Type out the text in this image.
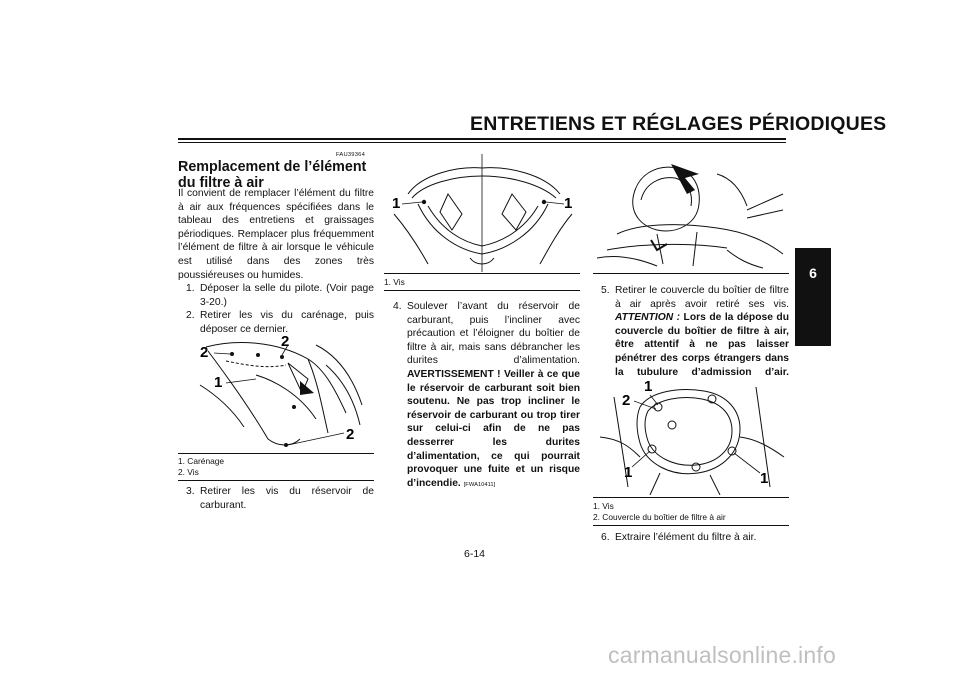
ENTRETIENS ET RÉGLAGES PÉRIODIQUES
6
FAU39364
Remplacement de l’élément du filtre à air
Il convient de remplacer l’élément du filtre à air aux fréquences spécifiées dans le tableau des entretiens et graissages périodiques. Remplacer plus fréquemment l’élément de filtre à air lorsque le véhicule est utilisé dans des zones très poussiéreuses ou humides.
1. Déposer la selle du pilote. (Voir page 3-20.)
2. Retirer les vis du carénage, puis déposer ce dernier.
2
2
1
2
1. Carénage
2. Vis
3. Retirer les vis du réservoir de carburant.
1	1
1. Vis
4. Soulever l’avant du réservoir de carburant, puis l’incliner avec précaution et l’éloigner du boîtier de filtre à air, mais sans débrancher les durites d’alimentation. AVERTISSEMENT ! Veiller à ce que le réservoir de carburant soit bien soutenu. Ne pas trop incliner le réservoir de carburant ou trop tirer sur celui-ci afin de ne pas desserrer les durites d’alimentation, ce qui pourrait provoquer une fuite et un risque d’incendie. [FWA10411]
5. Retirer le couvercle du boîtier de filtre à air après avoir retiré ses vis. ATTENTION : Lors de la dépose du couvercle du boîtier de filtre à air, être attentif à ne pas laisser pénétrer des corps étrangers dans la tubulure d’admission d’air. [FCA12881]
1
2
1	1
1. Vis
2. Couvercle du boîtier de filtre à air
6. Extraire l’élément du filtre à air.
6-14
carmanualsonline.info
